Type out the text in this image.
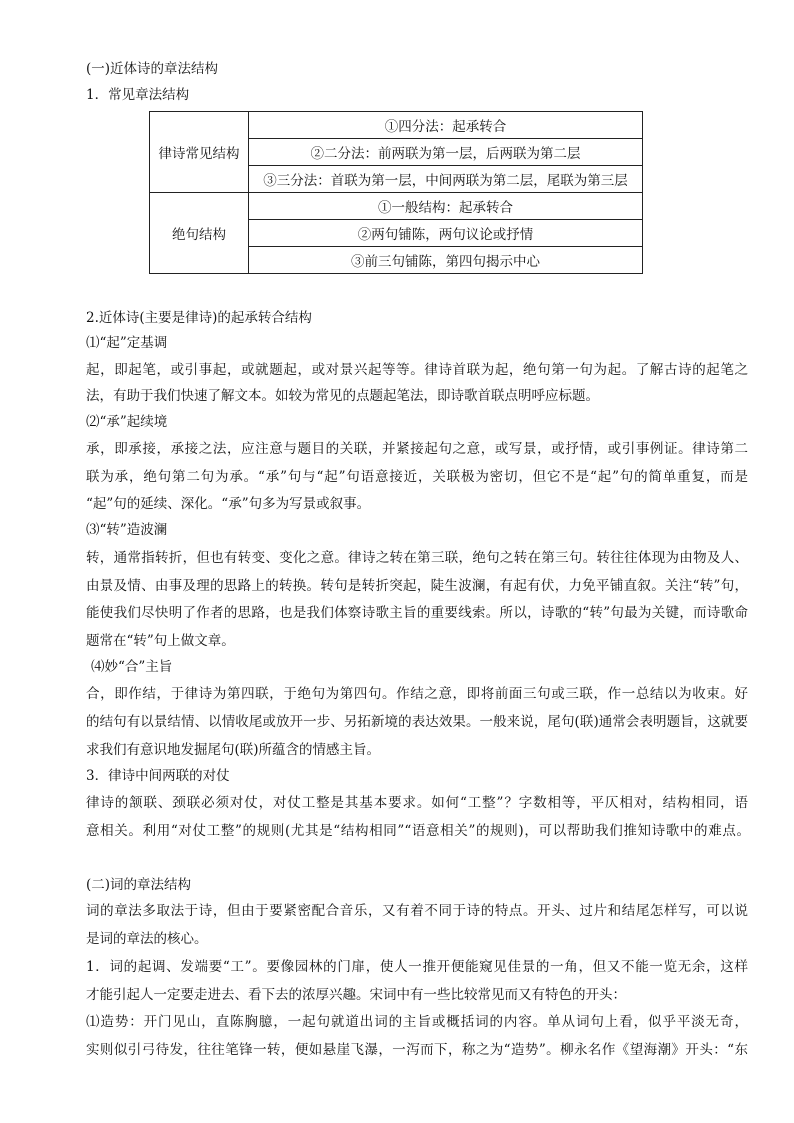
(一)近体诗的章法结构
1．常见章法结构
律诗常见结构	①四分法：起承转合
	②二分法：前两联为第一层，后两联为第二层
	③三分法：首联为第一层，中间两联为第二层，尾联为第三层
绝句结构	①一般结构：起承转合
	②两句铺陈，两句议论或抒情
	③前三句铺陈，第四句揭示中心
2.近体诗(主要是律诗)的起承转合结构
⑴“起”定基调
起，即起笔，或引事起，或就题起，或对景兴起等等。律诗首联为起，绝句第一句为起。了解古诗的起笔之
法，有助于我们快速了解文本。如较为常见的点题起笔法，即诗歌首联点明呼应标题。
⑵“承”起续境
承，即承接，承接之法，应注意与题目的关联，并紧接起句之意，或写景，或抒情，或引事例证。律诗第二
联为承，绝句第二句为承。“承”句与“起”句语意接近，关联极为密切，但它不是“起”句的简单重复，而是
“起”句的延续、深化。“承”句多为写景或叙事。
⑶“转”造波澜
转，通常指转折，但也有转变、变化之意。律诗之转在第三联，绝句之转在第三句。转往往体现为由物及人、
由景及情、由事及理的思路上的转换。转句是转折突起，陡生波澜，有起有伏，力免平铺直叙。关注“转”句，
能使我们尽快明了作者的思路，也是我们体察诗歌主旨的重要线索。所以，诗歌的“转”句最为关键，而诗歌命
题常在“转”句上做文章。
⑷妙“合”主旨
合，即作结，于律诗为第四联，于绝句为第四句。作结之意，即将前面三句或三联，作一总结以为收束。好
的结句有以景结情、以情收尾或放开一步、另拓新境的表达效果。一般来说，尾句(联)通常会表明题旨，这就要
求我们有意识地发掘尾句(联)所蕴含的情感主旨。
3．律诗中间两联的对仗
律诗的颔联、颈联必须对仗，对仗工整是其基本要求。如何“工整”？字数相等，平仄相对，结构相同，语
意相关。利用“对仗工整”的规则(尤其是“结构相同”“语意相关”的规则)，可以帮助我们推知诗歌中的难点。
(二)词的章法结构
词的章法多取法于诗，但由于要紧密配合音乐，又有着不同于诗的特点。开头、过片和结尾怎样写，可以说
是词的章法的核心。
1．词的起调、发端要“工”。要像园林的门扉，使人一推开便能窥见佳景的一角，但又不能一览无余，这样
才能引起人一定要走进去、看下去的浓厚兴趣。宋词中有一些比较常见而又有特色的开头：
⑴造势：开门见山，直陈胸臆，一起句就道出词的主旨或概括词的内容。单从词句上看，似乎平淡无奇，
实则似引弓待发，往往笔锋一转，便如悬崖飞瀑，一泻而下，称之为“造势”。柳永名作《望海潮》开头：“东
